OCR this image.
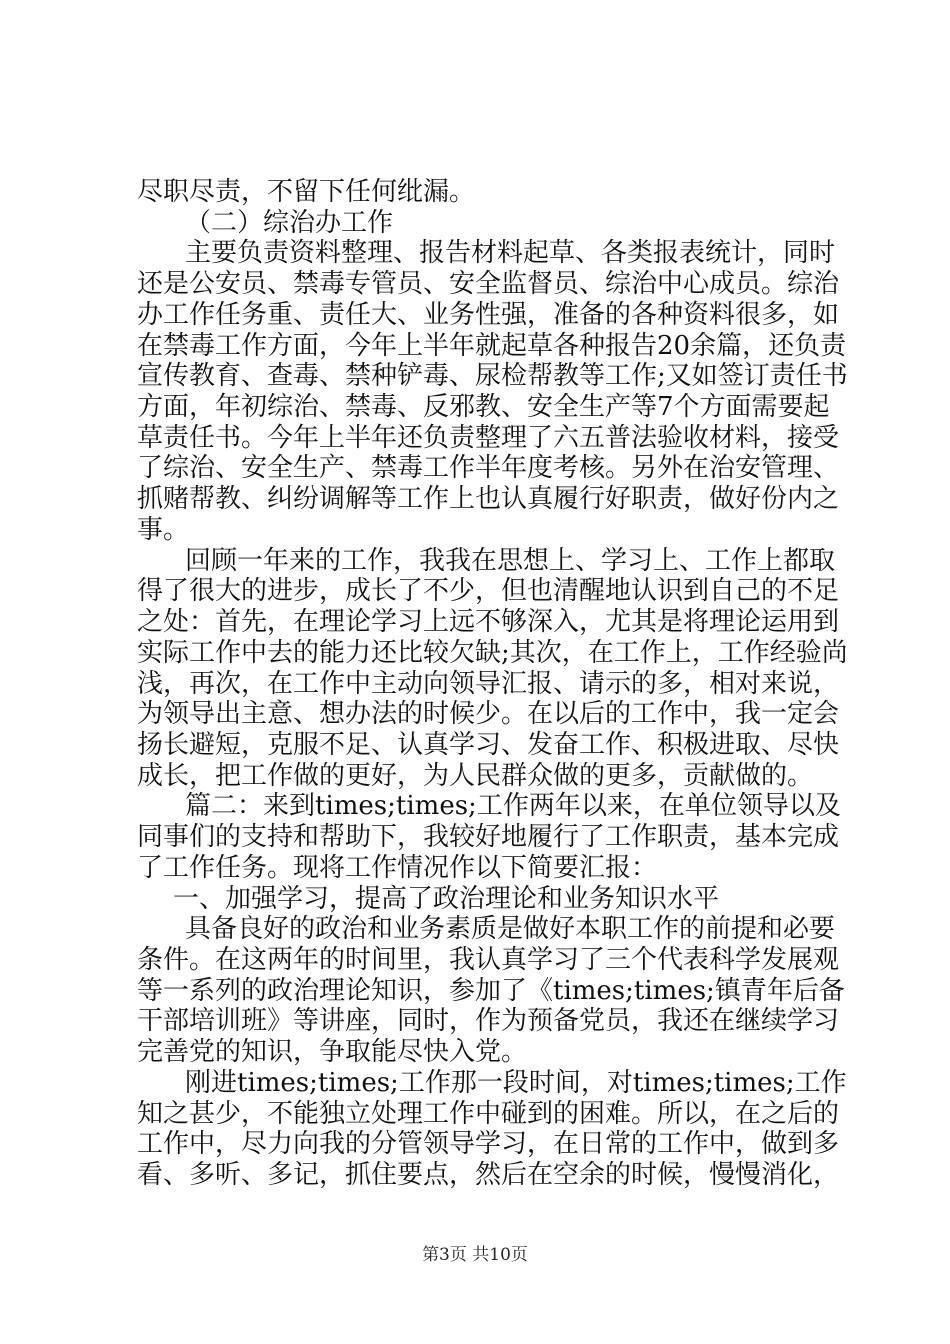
尽职尽责，不留下任何纰漏。
（二）综治办工作
主要负责资料整理、报告材料起草、各类报表统计，同时
还是公安员、禁毒专管员、安全监督员、综治中心成员。综治
办工作任务重、责任大、业务性强，准备的各种资料很多，如
在禁毒工作方面，今年上半年就起草各种报告20余篇，还负责
宣传教育、查毒、禁种铲毒、尿检帮教等工作;又如签订责任书
方面，年初综治、禁毒、反邪教、安全生产等7个方面需要起
草责任书。今年上半年还负责整理了六五普法验收材料，接受
了综治、安全生产、禁毒工作半年度考核。另外在治安管理、
抓赌帮教、纠纷调解等工作上也认真履行好职责，做好份内之
事。
回顾一年来的工作，我我在思想上、学习上、工作上都取
得了很大的进步，成长了不少，但也清醒地认识到自己的不足
之处：首先，在理论学习上远不够深入，尤其是将理论运用到
实际工作中去的能力还比较欠缺;其次，在工作上，工作经验尚
浅，再次，在工作中主动向领导汇报、请示的多，相对来说，
为领导出主意、想办法的时候少。在以后的工作中，我一定会
扬长避短，克服不足、认真学习、发奋工作、积极进取、尽快
成长，把工作做的更好，为人民群众做的更多，贡献做的。
篇二：来到times;times;工作两年以来，在单位领导以及
同事们的支持和帮助下，我较好地履行了工作职责，基本完成
了工作任务。现将工作情况作以下简要汇报：
一、加强学习，提高了政治理论和业务知识水平
具备良好的政治和业务素质是做好本职工作的前提和必要
条件。在这两年的时间里，我认真学习了三个代表科学发展观
等一系列的政治理论知识，参加了《times;times;镇青年后备
干部培训班》等讲座，同时，作为预备党员，我还在继续学习
完善党的知识，争取能尽快入党。
刚进times;times;工作那一段时间，对times;times;工作
知之甚少，不能独立处理工作中碰到的困难。所以，在之后的
工作中，尽力向我的分管领导学习，在日常的工作中，做到多
看、多听、多记，抓住要点，然后在空余的时候，慢慢消化，
第3页 共10页
